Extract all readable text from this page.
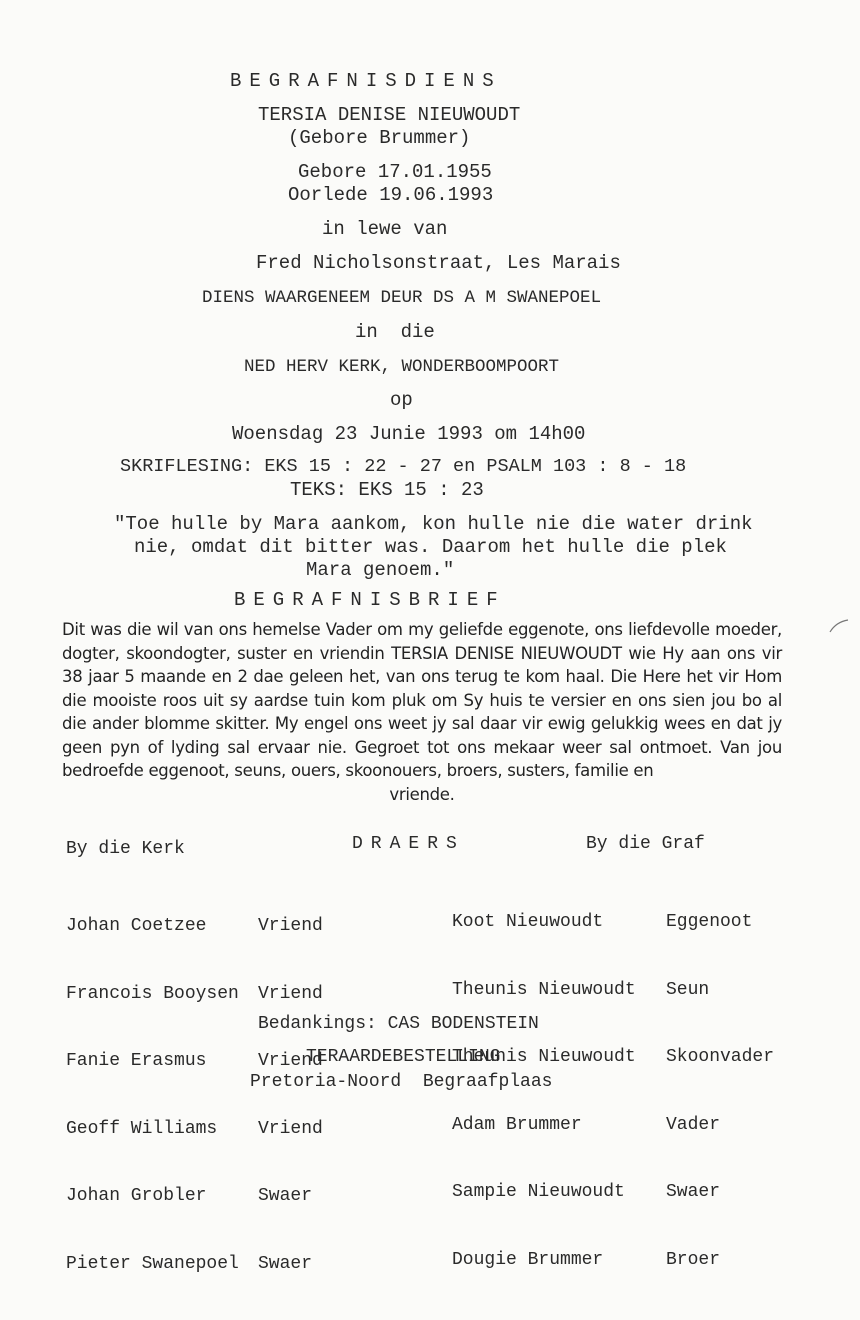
BEGRAFNISDIENS
TERSIA DENISE NIEUWOUDT
(Gebore Brummer)
Gebore 17.01.1955
Oorlede 19.06.1993
in lewe van
Fred Nicholsonstraat, Les Marais
DIENS WAARGENEEM DEUR DS A M SWANEPOEL
in  die
NED HERV KERK, WONDERBOOMPOORT
op
Woensdag 23 Junie 1993 om 14h00
SKRIFLESING: EKS 15 : 22 - 27 en PSALM 103 : 8 - 18
TEKS: EKS 15 : 23
"Toe hulle by Mara aankom, kon hulle nie die water drink
nie, omdat dit bitter was. Daarom het hulle die plek
Mara genoem."
BEGRAFNISBRIEF
Dit was die wil van ons hemelse Vader om my geliefde eggenote, ons liefdevolle moeder, dogter, skoondogter, suster en vriendin TERSIA DENISE NIEUWOUDT wie Hy aan ons vir 38 jaar 5 maande en 2 dae geleen het, van ons terug te kom haal. Die Here het vir Hom die mooiste roos uit sy aardse tuin kom pluk om Sy huis te versier en ons sien jou bo al die ander blomme skitter. My engel ons weet jy sal daar vir ewig gelukkig wees en dat jy geen pyn of lyding sal ervaar nie. Gegroet tot ons mekaar weer sal ontmoet. Van jou bedroefde eggenoot, seuns, ouers, skoonouers, broers, susters, familie en
vriende.
By die Kerk	DRAERS	By die Graf

Johan Coetzee

Francois Booysen

Fanie Erasmus

Geoff Williams

Johan Grobler

Pieter Swanepoel

Vriend

Vriend

Vriend

Vriend

Swaer

Swaer

Koot Nieuwoudt

Theunis Nieuwoudt

Theunis Nieuwoudt

Adam Brummer

Sampie Nieuwoudt

Dougie Brummer

Eggenoot

Seun

Skoonvader

Vader

Swaer

Broer

Bedankings: CAS BODENSTEIN
TERAARDEBESTELLING
Pretoria-Noord  Begraafplaas
